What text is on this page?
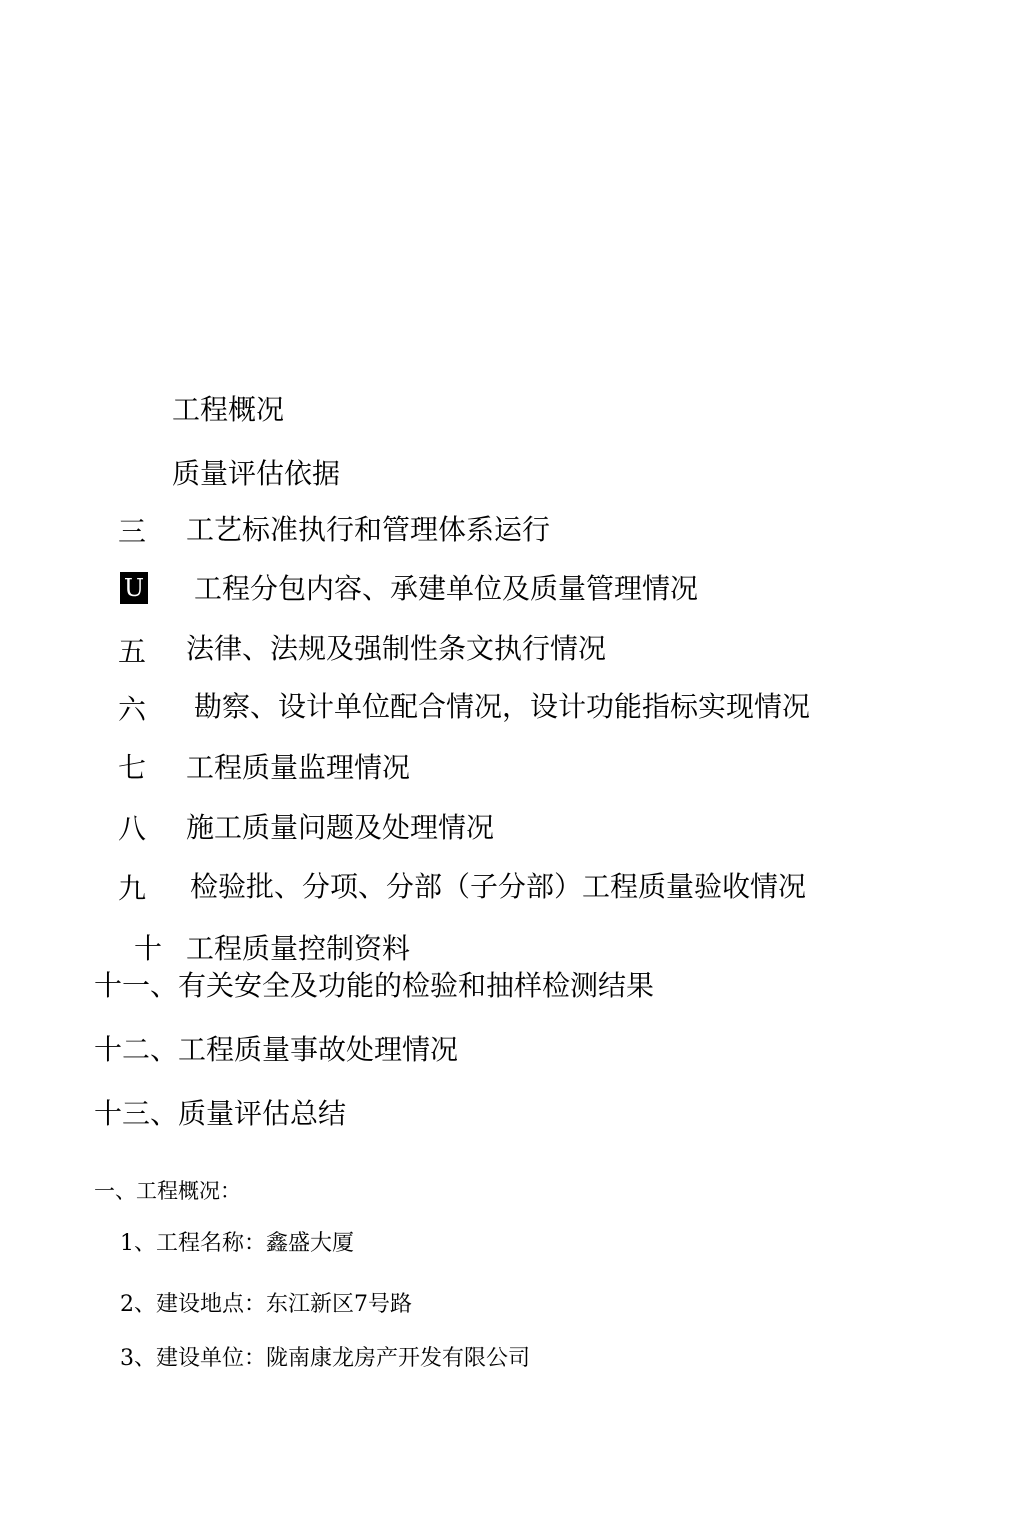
工程概况
质量评估依据
三 工艺标准执行和管理体系运行
U 工程分包内容、承建单位及质量管理情况
五 法律、法规及强制性条文执行情况
六 勘察、设计单位配合情况，设计功能指标实现情况
七 工程质量监理情况
八 施工质量问题及处理情况
九 检验批、分项、分部（子分部）工程质量验收情况
十 工程质量控制资料
十一、有关安全及功能的检验和抽样检测结果
十二、工程质量事故处理情况
十三、质量评估总结
一、工程概况：
1、工程名称：鑫盛大厦
2、建设地点：东江新区7号路
3、建设单位：陇南康龙房产开发有限公司
